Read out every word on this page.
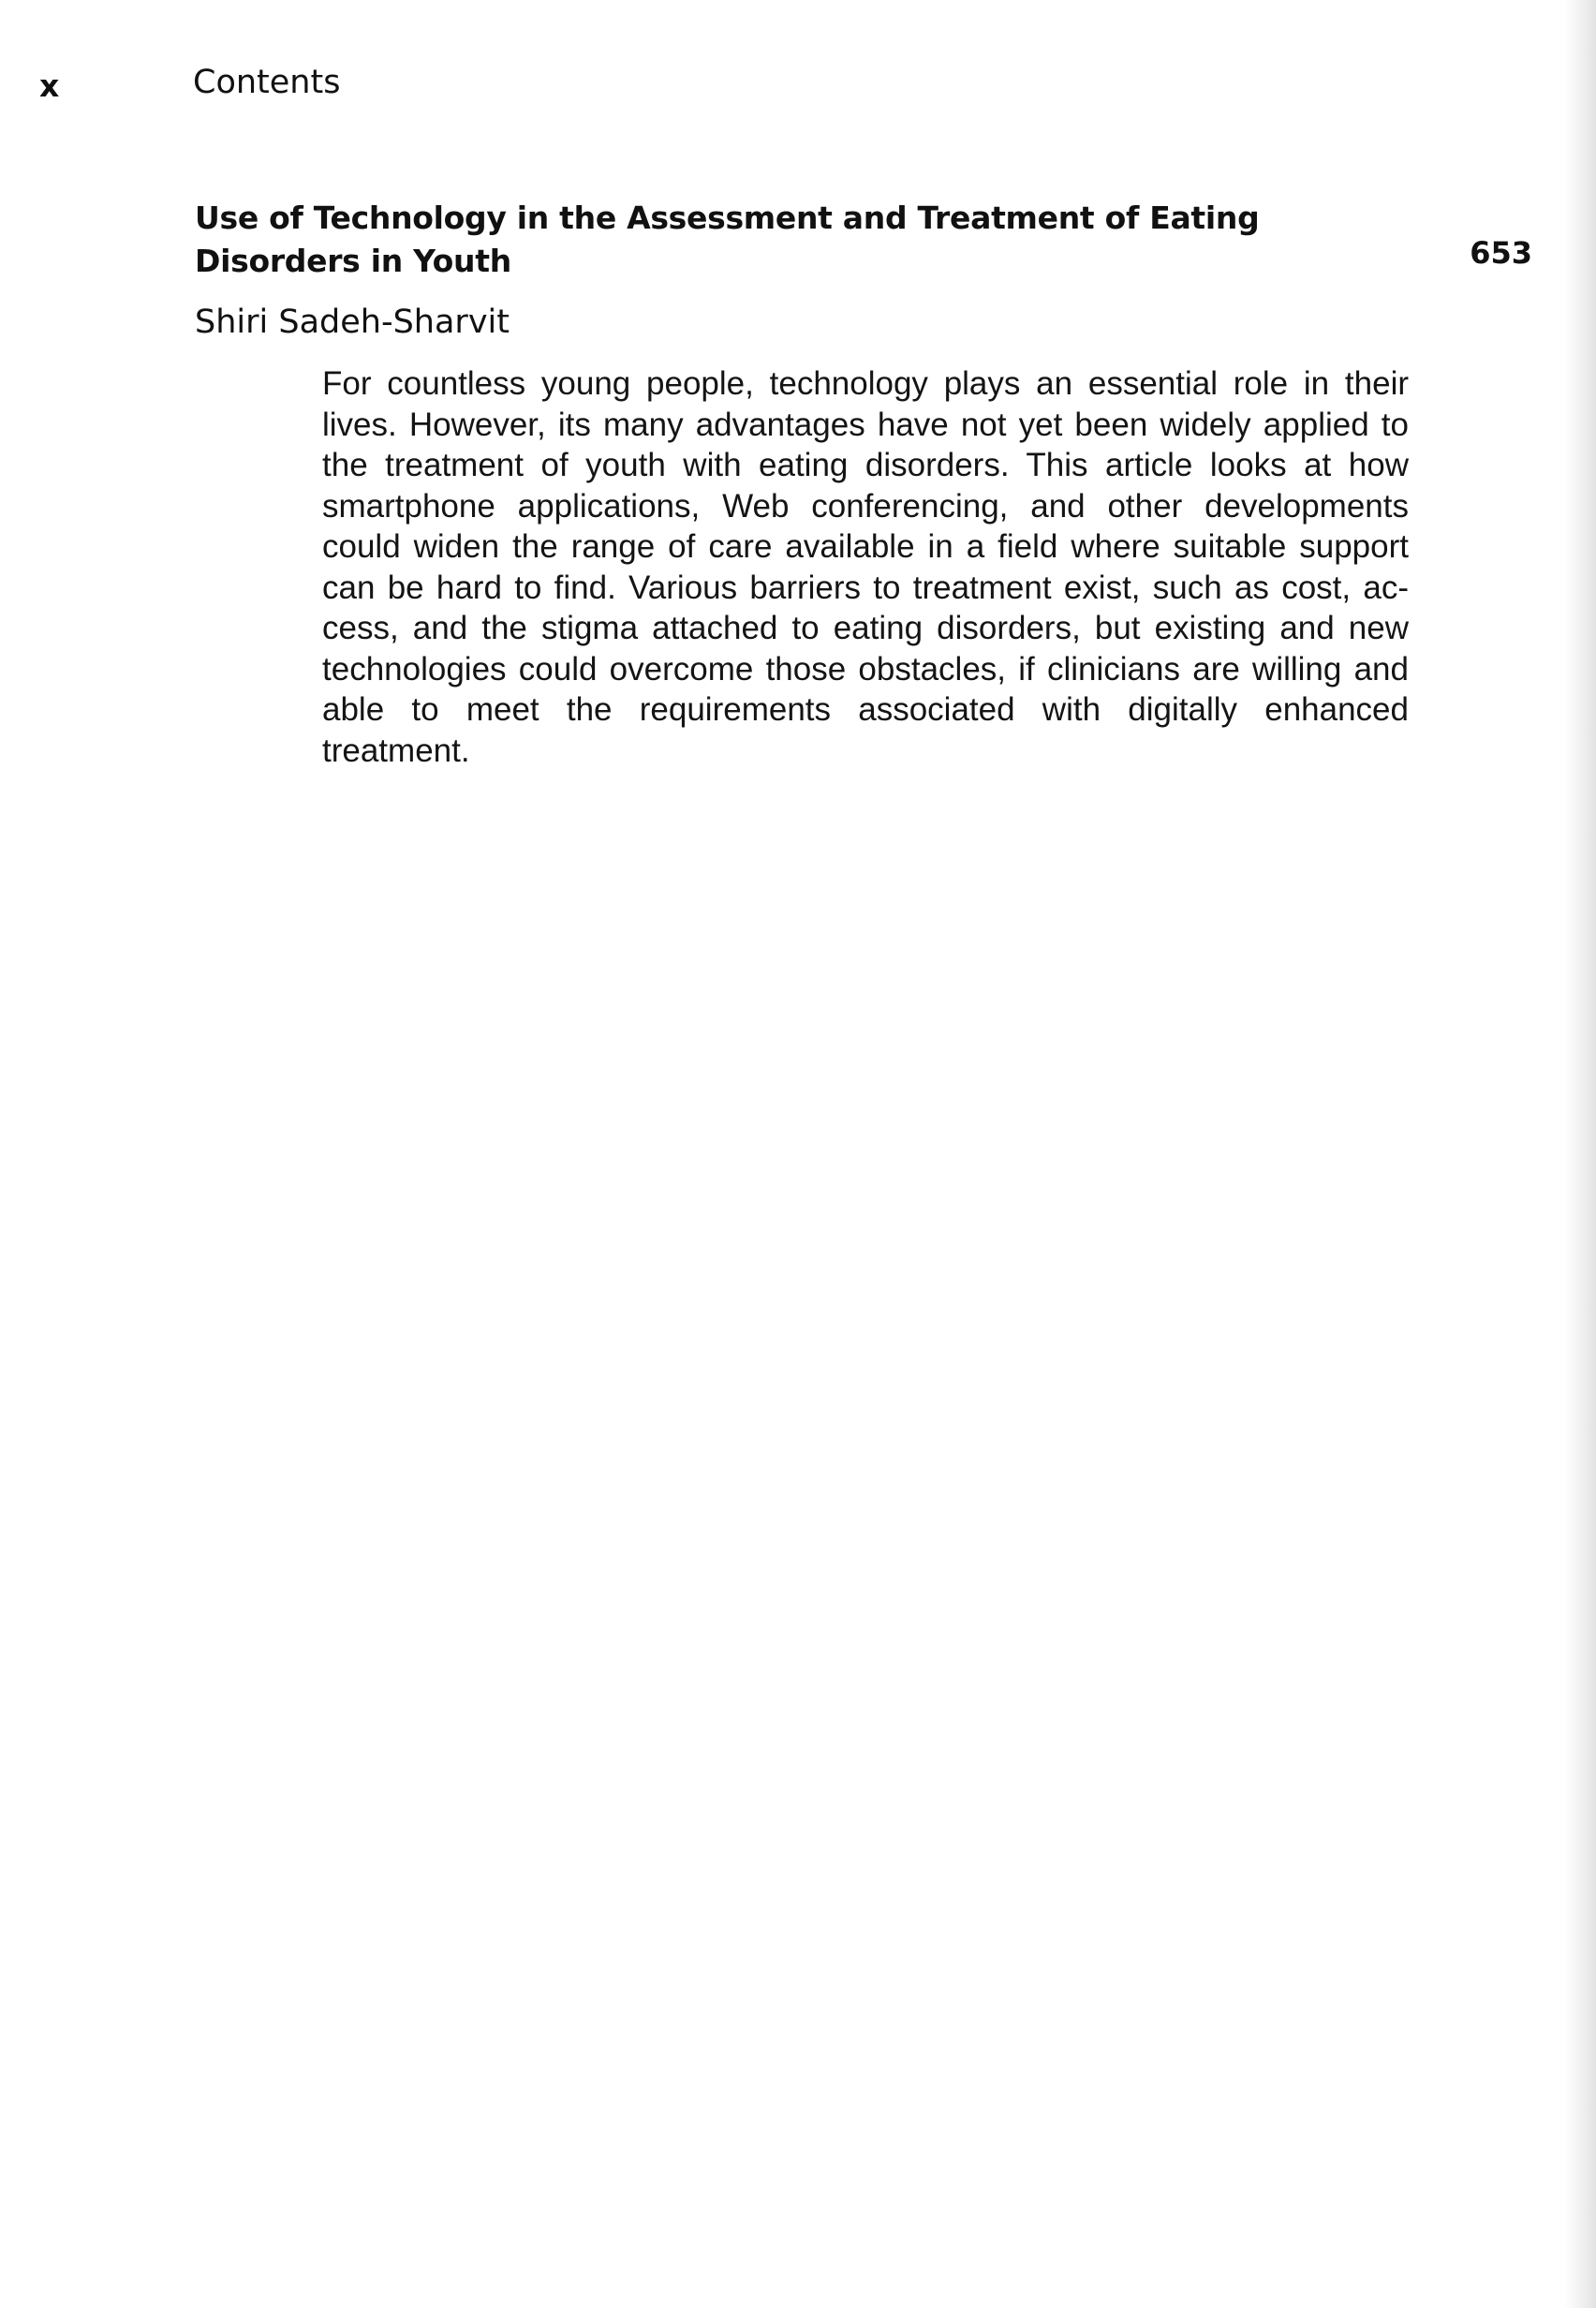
x	Contents
Use of Technology in the Assessment and Treatment of Eating Disorders in Youth	653
Shiri Sadeh-Sharvit

For countless young people, technology plays an essential role in their lives. However, its many advantages have not yet been widely applied to the treatment of youth with eating disorders. This article looks at how smartphone applications, Web conferencing, and other developments could widen the range of care available in a field where suitable support can be hard to find. Various barriers to treatment exist, such as cost, access, and the stigma attached to eating disorders, but existing and new technologies could overcome those obstacles, if clinicians are willing and able to meet the requirements associated with digitally enhanced treatment.
